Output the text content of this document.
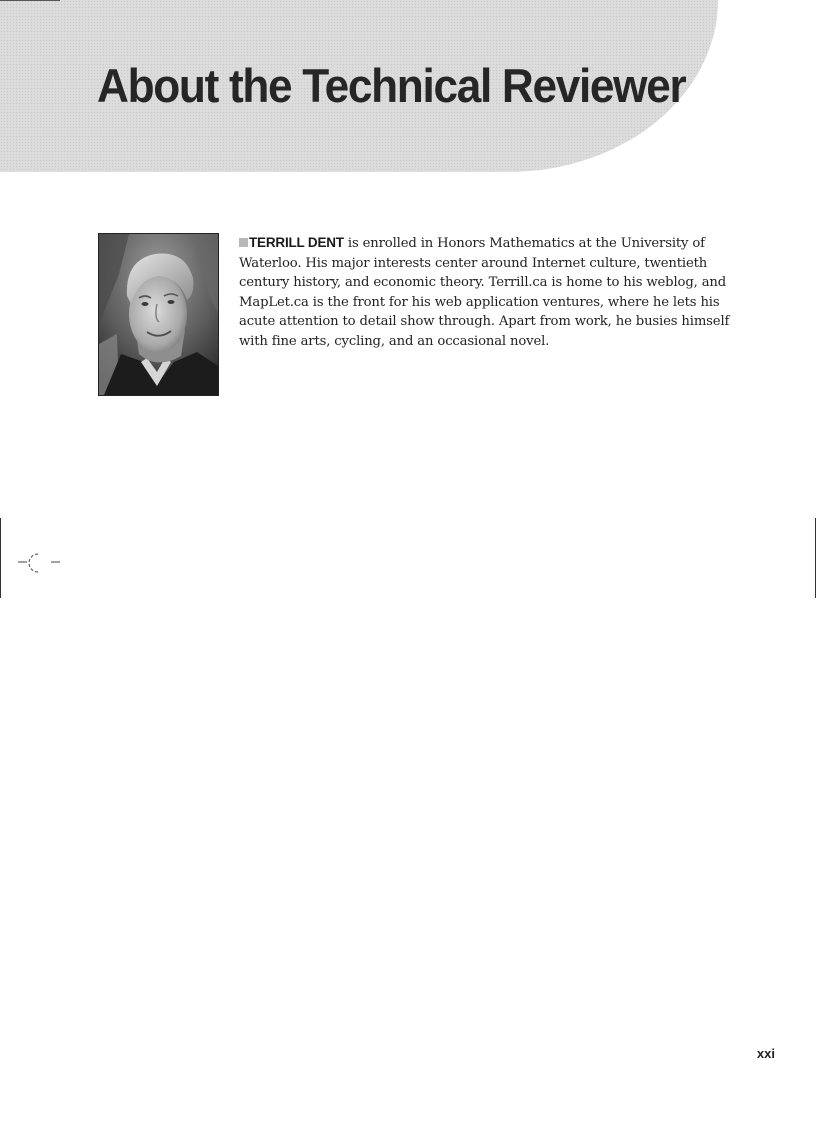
About the Technical Reviewer

TERRILL DENT is enrolled in Honors Mathematics at the University of Waterloo. His major interests center around Internet culture, twentieth century history, and economic theory. Terrill.ca is home to his weblog, and MapLet.ca is the front for his web application ventures, where he lets his acute attention to detail show through. Apart from work, he busies himself with fine arts, cycling, and an occasional novel.

xxi
